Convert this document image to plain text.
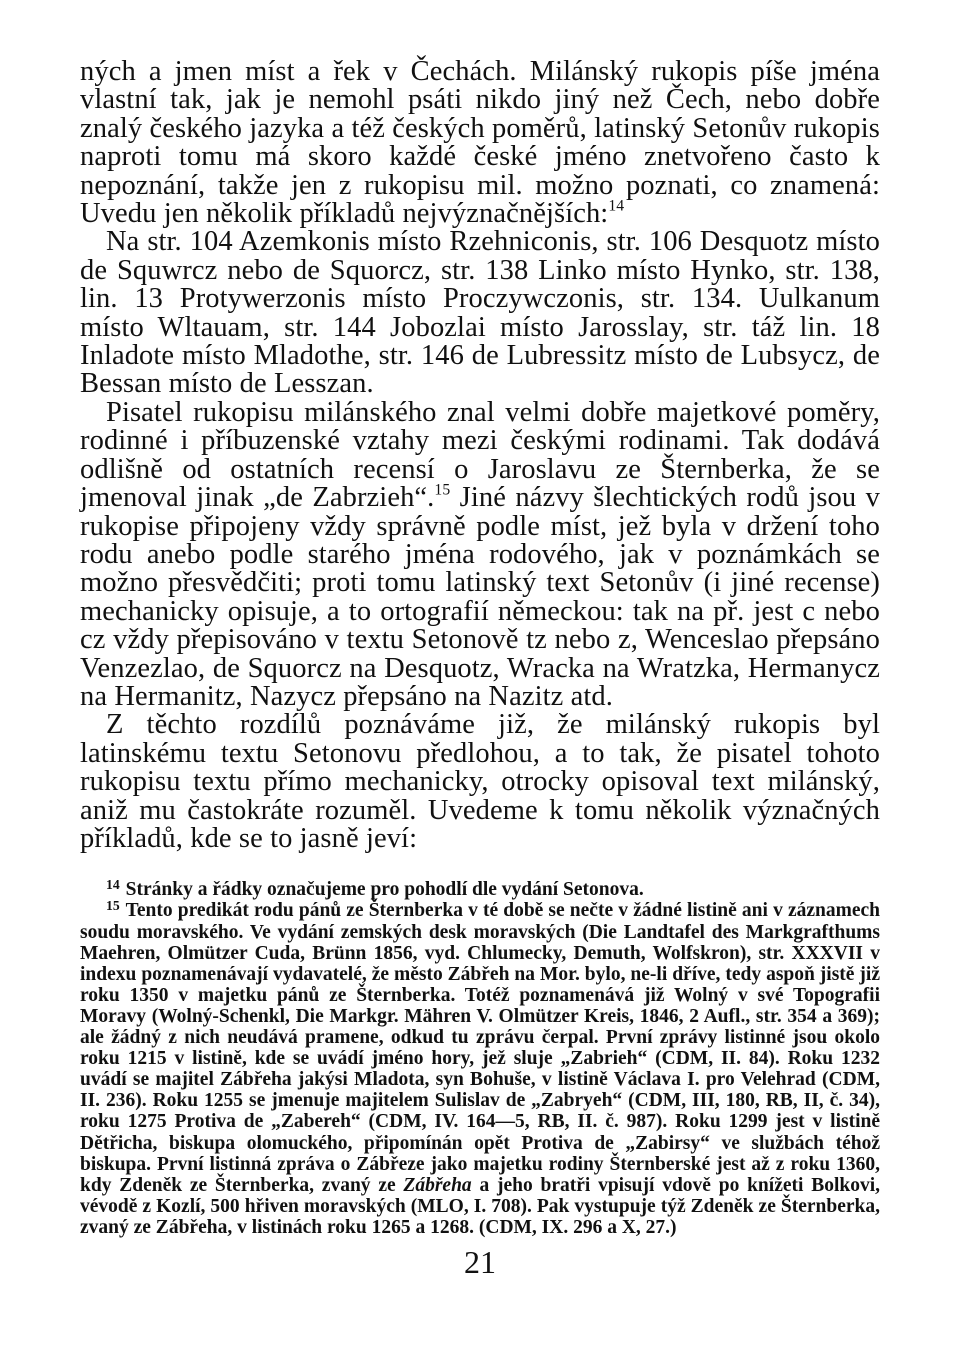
ných a jmen míst a řek v Čechách. Milánský rukopis píše jména vlastní tak, jak je nemohl psáti nikdo jiný než Čech, nebo dobře znalý českého jazyka a též českých poměrů, latinský Setonův rukopis naproti tomu má skoro každé české jméno znetvořeno často k nepoznání, takže jen z rukopisu mil. možno poznati, co znamená: Uvedu jen několik příkladů nejvýznačnějších:$^{14}$

Na str. 104 Azemkonis místo Rzehniconis, str. 106 Desquotz místo de Squwrcz nebo de Squorcz, str. 138 Linko místo Hynko, str. 138, lin. 13 Protywerzonis místo Proczywczonis, str. 134. Uulkanum místo Wltauam, str. 144 Jobozlai místo Jarosslay, str. táž lin. 18 Inladote místo Mladothe, str. 146 de Lubressitz místo de Lubsycz, de Bessan místo de Lesszan.

Pisatel rukopisu milánského znal velmi dobře majetkové poměry, rodinné i příbuzenské vztahy mezi českými rodinami. Tak dodává odlišně od ostatních recensí o Jaroslavu ze Šternberka, že se jmenoval jinak „de Zabrzieh“.$^{15}$ Jiné názvy šlechtických rodů jsou v rukopise připojeny vždy správně podle míst, jež byla v držení toho rodu anebo podle starého jména rodového, jak v poznámkách se možno přesvědčiti; proti tomu latinský text Setonův (i jiné recense) mechanicky opisuje, a to ortografií německou: tak na př. jest c nebo cz vždy přepisováno v textu Setonově tz nebo z, Wenceslao přepsáno Venzezlao, de Squorcz na Desquotz, Wracka na Wratzka, Hermanycz na Hermanitz, Nazycz přepsáno na Nazitz atd.

Z těchto rozdílů poznáváme již, že milánský rukopis byl latinskému textu Setonovu předlohou, a to tak, že pisatel tohoto rukopisu textu přímo mechanicky, otrocky opisoval text milánský, aniž mu častokráte rozuměl. Uvedeme k tomu několik význačných příkladů, kde se to jasně jeví:

$^{14}$ Stránky a řádky označujeme pro pohodlí dle vydání Setonova.

$^{15}$ Tento predikát rodu pánů ze Šternberka v té době se nečte v žádné listině ani v záznamech soudu moravského. Ve vydání zemských desk moravských (Die Landtafel des Markgrafthums Maehren, Olmützer Cuda, Brünn 1856, vyd. Chlumecky, Demuth, Wolfskron), str. XXXVII v indexu poznamenávají vydavatelé, že město Zábřeh na Mor. bylo, ne-li dříve, tedy aspoň jistě již roku 1350 v majetku pánů ze Šternberka. Totéž poznamenává již Wolný v své Topografii Moravy (Wolný-Schenkl, Die Markgr. Mähren V. Olmützer Kreis, 1846, 2 Aufl., str. 354 a 369); ale žádný z nich neudává pramene, odkud tu zprávu čerpal. První zprávy listinné jsou okolo roku 1215 v listině, kde se uvádí jméno hory, jež sluje „Zabrieh“ (CDM, II. 84). Roku 1232 uvádí se majitel Zábřeha jakýsi Mladota, syn Bohuše, v listině Václava I. pro Velehrad (CDM, II. 236). Roku 1255 se jmenuje majitelem Sulislav de „Zabryeh“ (CDM, III, 180, RB, II, č. 34), roku 1275 Protiva de „Zabereh“ (CDM, IV. 164—5, RB, II. č. 987). Roku 1299 jest v listině Dětřicha, biskupa olomuckého, připomínán opět Protiva de „Zabirsy“ ve službách téhož biskupa. První listinná zpráva o Zábřeze jako majetku rodiny Šternberské jest až z roku 1360, kdy Zdeněk ze Šternberka, zvaný ze Zábřeha a jeho bratři vpisují vdově po knížeti Bolkovi, vévodě z Kozlí, 500 hřiven moravských (MLO, I. 708). Pak vystupuje týž Zdeněk ze Šternberka, zvaný ze Zábřeha, v listinách roku 1265 a 1268. (CDM, IX. 296 a X, 27.)

21
